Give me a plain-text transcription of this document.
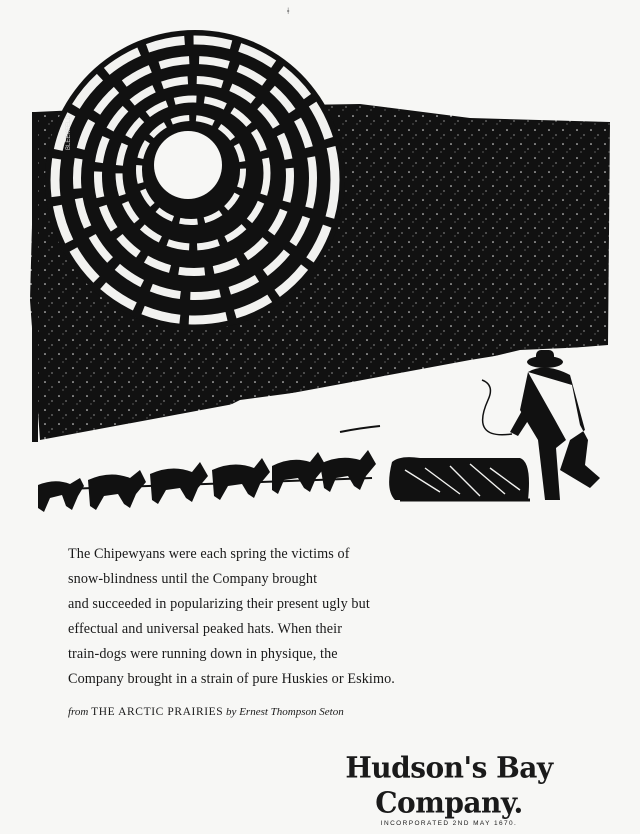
ǂ
BLEEKFELD
The Chipewyans were each spring the victims of
snow-blindness until the Company brought
and succeeded in popularizing their present ugly but
effectual and universal peaked hats. When their
train-dogs were running down in physique, the
Company brought in a strain of pure Huskies or Eskimo.
from THE ARCTIC PRAIRIES by Ernest Thompson Seton
Hudson's Bay Company.
INCORPORATED 2ND MAY 1670.
